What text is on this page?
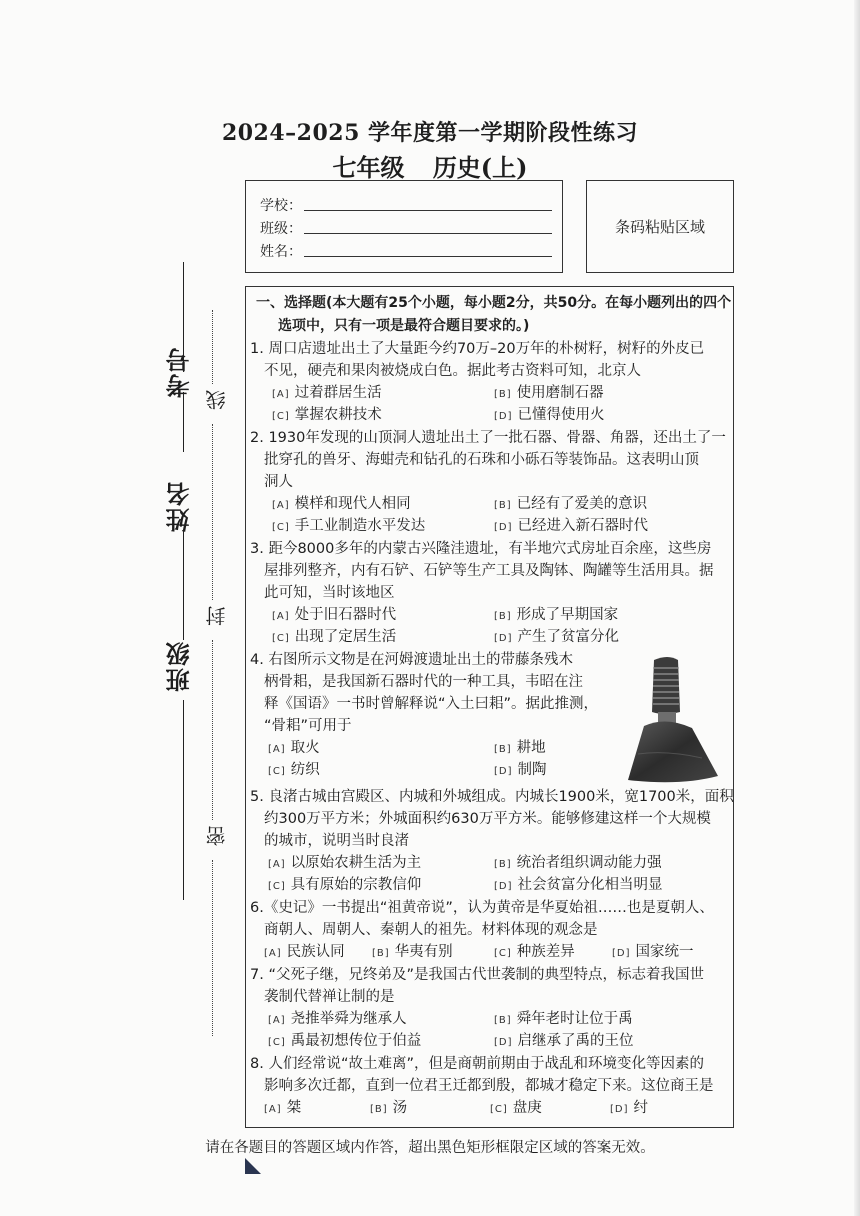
考号
姓名
班级
线
封
密
2024–2025 学年度第一学期阶段性练习
七年级 历史(上)
学校：
班级：
姓名：
条码粘贴区域
一、选择题(本大题有25个小题，每小题2分，共50分。在每小题列出的四个
选项中，只有一项是最符合题目要求的。)
1. 周口店遗址出土了大量距今约70万–20万年的朴树籽，树籽的外皮已
不见，硬壳和果肉被烧成白色。据此考古资料可知，北京人
[A] 过着群居生活	[B] 使用磨制石器
[C] 掌握农耕技术	[D] 已懂得使用火
2. 1930年发现的山顶洞人遗址出土了一批石器、骨器、角器，还出土了一
批穿孔的兽牙、海蚶壳和钻孔的石珠和小砾石等装饰品。这表明山顶
洞人
[A] 模样和现代人相同	[B] 已经有了爱美的意识
[C] 手工业制造水平发达	[D] 已经进入新石器时代
3. 距今8000多年的内蒙古兴隆洼遗址，有半地穴式房址百余座，这些房
屋排列整齐，内有石铲、石铲等生产工具及陶钵、陶罐等生活用具。据
此可知，当时该地区
[A] 处于旧石器时代	[B] 形成了早期国家
[C] 出现了定居生活	[D] 产生了贫富分化
4. 右图所示文物是在河姆渡遗址出土的带藤条残木
柄骨耜，是我国新石器时代的一种工具，韦昭在注
释《国语》一书时曾解释说“入土曰耜”。据此推测，
“骨耜”可用于
[A] 取火	[B] 耕地
[C] 纺织	[D] 制陶
5. 良渚古城由宫殿区、内城和外城组成。内城长1900米，宽1700米，面积
约300万平方米；外城面积约630万平方米。能够修建这样一个大规模
的城市，说明当时良渚
[A] 以原始农耕生活为主	[B] 统治者组织调动能力强
[C] 具有原始的宗教信仰	[D] 社会贫富分化相当明显
6.《史记》一书提出“祖黄帝说”，认为黄帝是华夏始祖……也是夏朝人、
商朝人、周朝人、秦朝人的祖先。材料体现的观念是
[A] 民族认同	[B] 华夷有别	[C] 种族差异	[D] 国家统一
7. “父死子继，兄终弟及”是我国古代世袭制的典型特点，标志着我国世
袭制代替禅让制的是
[A] 尧推举舜为继承人	[B] 舜年老时让位于禹
[C] 禹最初想传位于伯益	[D] 启继承了禹的王位
8. 人们经常说“故土难离”，但是商朝前期由于战乱和环境变化等因素的
影响多次迁都，直到一位君王迁都到殷，都城才稳定下来。这位商王是
[A] 桀	[B] 汤	[C] 盘庚	[D] 纣
请在各题目的答题区域内作答，超出黑色矩形框限定区域的答案无效。
